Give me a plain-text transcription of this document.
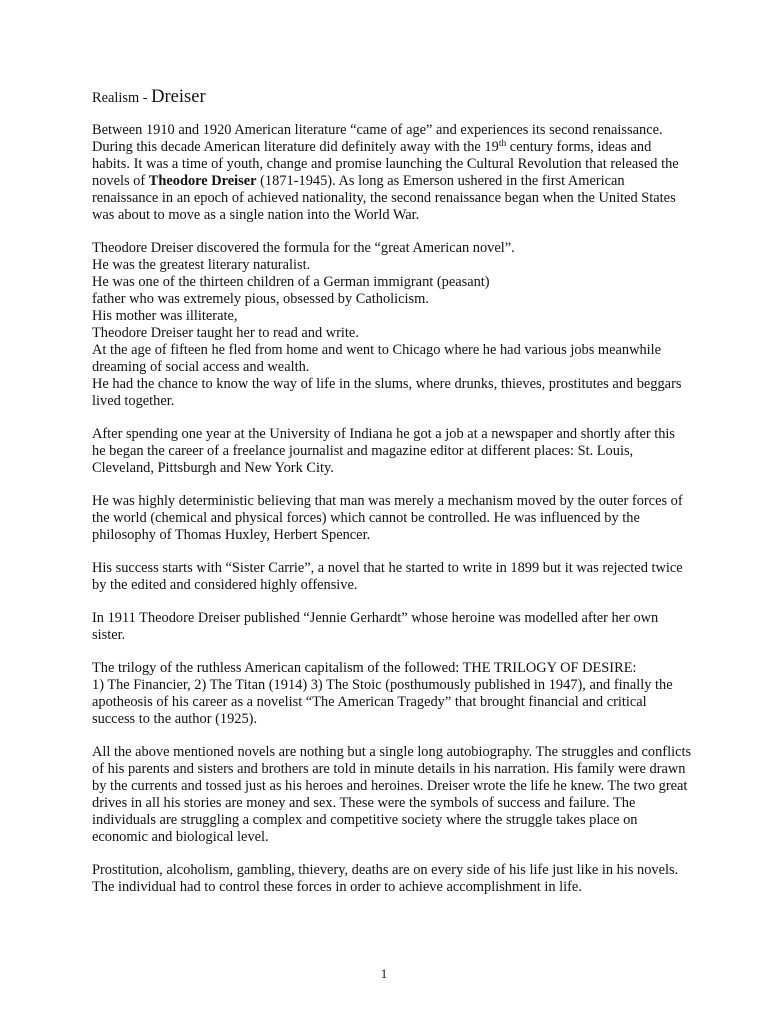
Realism - Dreiser

Between 1910 and 1920 American literature “came of age” and experiences its second renaissance. During this decade American literature did definitely away with the 19th century forms, ideas and habits. It was a time of youth, change and promise launching the Cultural Revolution that released the novels of Theodore Dreiser (1871-1945). As long as Emerson ushered in the first American renaissance in an epoch of achieved nationality, the second renaissance began when the United States was about to move as a single nation into the World War.

Theodore Dreiser discovered the formula for the “great American novel”.
He was the greatest literary naturalist.
He was one of the thirteen children of a German immigrant (peasant)
father who was extremely pious, obsessed by Catholicism.
His mother was illiterate,
Theodore Dreiser taught her to read and write.
At the age of fifteen he fled from home and went to Chicago where he had various jobs meanwhile dreaming of social access and wealth.
He had the chance to know the way of life in the slums, where drunks, thieves, prostitutes and beggars lived together.

After spending one year at the University of Indiana he got a job at a newspaper and shortly after this he began the career of a freelance journalist and magazine editor at different places: St. Louis, Cleveland, Pittsburgh and New York City.

He was highly deterministic believing that man was merely a mechanism moved by the outer forces of the world (chemical and physical forces) which cannot be controlled. He was influenced by the philosophy of Thomas Huxley, Herbert Spencer.

His success starts with “Sister Carrie”, a novel that he started to write in 1899 but it was rejected twice by the edited and considered highly offensive.

In 1911 Theodore Dreiser published “Jennie Gerhardt” whose heroine was modelled after her own sister.

The trilogy of the ruthless American capitalism of the followed: THE TRILOGY OF DESIRE:
1) The Financier, 2) The Titan (1914) 3) The Stoic (posthumously published in 1947), and finally the apotheosis of his career as a novelist “The American Tragedy” that brought financial and critical success to the author (1925).

All the above mentioned novels are nothing but a single long autobiography. The struggles and conflicts of his parents and sisters and brothers are told in minute details in his narration. His family were drawn by the currents and tossed just as his heroes and heroines. Dreiser wrote the life he knew. The two great drives in all his stories are money and sex. These were the symbols of success and failure. The individuals are struggling a complex and competitive society where the struggle takes place on economic and biological level.

Prostitution, alcoholism, gambling, thievery, deaths are on every side of his life just like in his novels. The individual had to control these forces in order to achieve accomplishment in life.

1
